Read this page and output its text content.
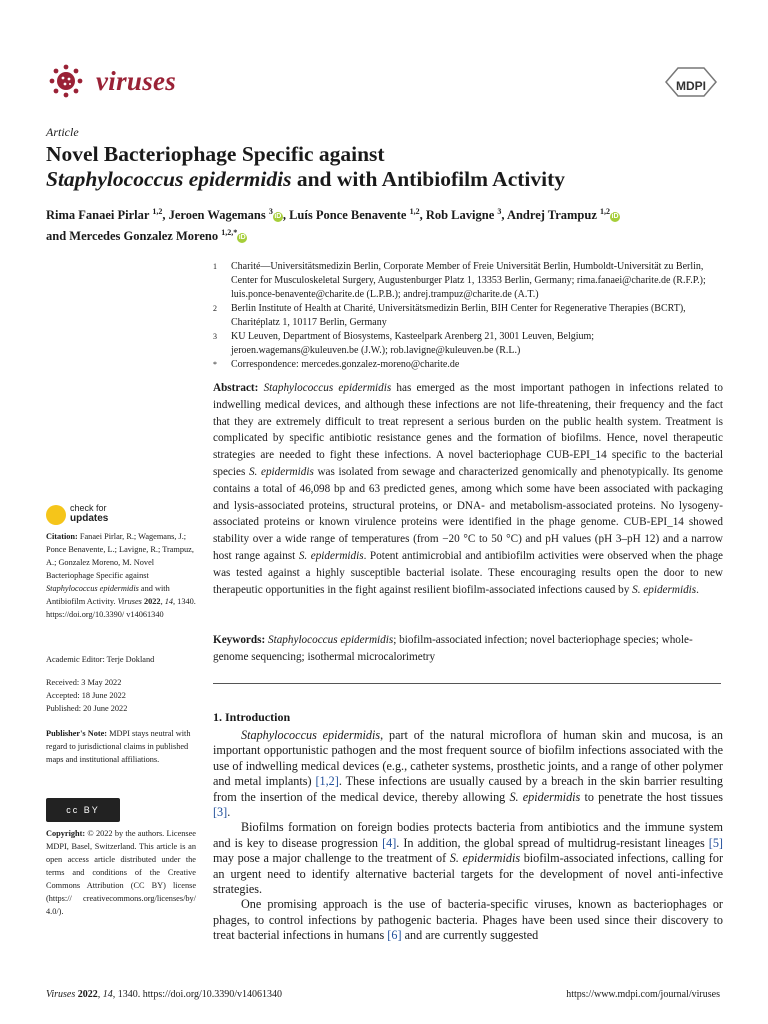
viruses	MDPI
Article
Novel Bacteriophage Specific against
Staphylococcus epidermidis and with Antibiofilm Activity
Rima Fanaei Pirlar $^{1,2}$, Jeroen Wagemans $^3$iD , Luís Ponce Benavente $^{1,2}$, Rob Lavigne $^3$, Andrej Trampuz $^{1,2}$iD
and Mercedes Gonzalez Moreno $^{1,2,*}$iD
1	Charité—Universitätsmedizin Berlin, Corporate Member of Freie Universität Berlin, Humboldt-Universität zu Berlin, Center for Musculoskeletal Surgery, Augustenburger Platz 1, 13353 Berlin, Germany; rima.fanaei@charite.de (R.F.P.); luis.ponce-benavente@charite.de (L.P.B.); andrej.trampuz@charite.de (A.T.)
2	Berlin Institute of Health at Charité, Universitätsmedizin Berlin, BIH Center for Regenerative Therapies (BCRT), Charitéplatz 1, 10117 Berlin, Germany
3	KU Leuven, Department of Biosystems, Kasteelpark Arenberg 21, 3001 Leuven, Belgium; jeroen.wagemans@kuleuven.be (J.W.); rob.lavigne@kuleuven.be (R.L.)
*	Correspondence: mercedes.gonzalez-moreno@charite.de
Abstract: Staphylococcus epidermidis has emerged as the most important pathogen in infections related to indwelling medical devices, and although these infections are not life-threatening, their frequency and the fact that they are extremely difficult to treat represent a serious burden on the public health system. Treatment is complicated by specific antibiotic resistance genes and the formation of biofilms. Hence, novel therapeutic strategies are needed to fight these infections. A novel bacteriophage CUB-EPI_14 specific to the bacterial species S. epidermidis was isolated from sewage and characterized genomically and phenotypically. Its genome contains a total of 46,098 bp and 63 predicted genes, among which some have been associated with packaging and lysis-associated proteins, structural proteins, or DNA- and metabolism-associated proteins. No lysogeny-associated proteins or known virulence proteins were identified in the phage genome. CUB-EPI_14 showed stability over a wide range of temperatures (from −20 °C to 50 °C) and pH values (pH 3–pH 12) and a narrow host range against S. epidermidis. Potent antimicrobial and antibiofilm activities were observed when the phage was tested against a highly susceptible bacterial isolate. These encouraging results open the door to new therapeutic opportunities in the fight against resilient biofilm-associated infections caused by S. epidermidis.
Keywords: Staphylococcus epidermidis; biofilm-associated infection; novel bacteriophage species; whole-genome sequencing; isothermal microcalorimetry
1. Introduction

Staphylococcus epidermidis, part of the natural microflora of human skin and mucosa, is an important opportunistic pathogen and the most frequent source of biofilm infections associated with the use of indwelling medical devices (e.g., catheter systems, prosthetic joints, and a range of other polymer and metal implants) [1,2]. These infections are usually caused by a breach in the skin barrier resulting from the insertion of the medical device, thereby allowing S. epidermidis to penetrate the host tissues [3].

Biofilms formation on foreign bodies protects bacteria from antibiotics and the immune system and is key to disease progression [4]. In addition, the global spread of multidrug-resistant lineages [5] may pose a major challenge to the treatment of S. epidermidis biofilm-associated infections, calling for an urgent need to identify alternative bacterial targets for the development of novel anti-infective strategies.

One promising approach is the use of bacteria-specific viruses, known as bacteriophages or phages, to control infections by pathogenic bacteria. Phages have been used since their discovery to treat bacterial infections in humans [6] and are currently suggested

check for
updates
Citation: Fanaei Pirlar, R.; Wagemans, J.; Ponce Benavente, L.; Lavigne, R.; Trampuz, A.; Gonzalez Moreno, M. Novel Bacteriophage Specific against Staphylococcus epidermidis and with Antibiofilm Activity. Viruses 2022, 14, 1340. https://doi.org/10.3390/ v14061340
Academic Editor: Terje Dokland
Received: 3 May 2022
Accepted: 18 June 2022
Published: 20 June 2022
Publisher's Note: MDPI stays neutral with regard to jurisdictional claims in published maps and institutional affiliations.
cc BY
Copyright: © 2022 by the authors. Licensee MDPI, Basel, Switzerland. This article is an open access article distributed under the terms and conditions of the Creative Commons Attribution (CC BY) license (https:// creativecommons.org/licenses/by/ 4.0/).
Viruses 2022, 14, 1340. https://doi.org/10.3390/v14061340	https://www.mdpi.com/journal/viruses
